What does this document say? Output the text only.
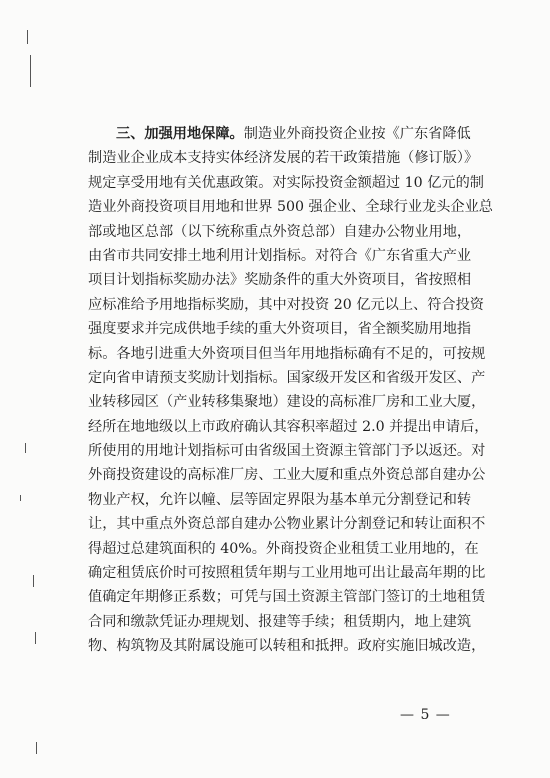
三、加强用地保障。制造业外商投资企业按《广东省降低
制造业企业成本支持实体经济发展的若干政策措施（修订版）》
规定享受用地有关优惠政策。对实际投资金额超过 10 亿元的制
造业外商投资项目用地和世界 500 强企业、全球行业龙头企业总
部或地区总部（以下统称重点外资总部）自建办公物业用地，
由省市共同安排土地利用计划指标。对符合《广东省重大产业
项目计划指标奖励办法》奖励条件的重大外资项目，省按照相
应标准给予用地指标奖励，其中对投资 20 亿元以上、符合投资
强度要求并完成供地手续的重大外资项目，省全额奖励用地指
标。各地引进重大外资项目但当年用地指标确有不足的，可按规
定向省申请预支奖励计划指标。国家级开发区和省级开发区、产
业转移园区（产业转移集聚地）建设的高标准厂房和工业大厦，
经所在地地级以上市政府确认其容积率超过 2.0 并提出申请后，
所使用的用地计划指标可由省级国土资源主管部门予以返还。对
外商投资建设的高标准厂房、工业大厦和重点外资总部自建办公
物业产权，允许以幢、层等固定界限为基本单元分割登记和转
让，其中重点外资总部自建办公物业累计分割登记和转让面积不
得超过总建筑面积的 40%。外商投资企业租赁工业用地的，在
确定租赁底价时可按照租赁年期与工业用地可出让最高年期的比
值确定年期修正系数；可凭与国土资源主管部门签订的土地租赁
合同和缴款凭证办理规划、报建等手续；租赁期内，地上建筑
物、构筑物及其附属设施可以转租和抵押。政府实施旧城改造，
— 5 —
